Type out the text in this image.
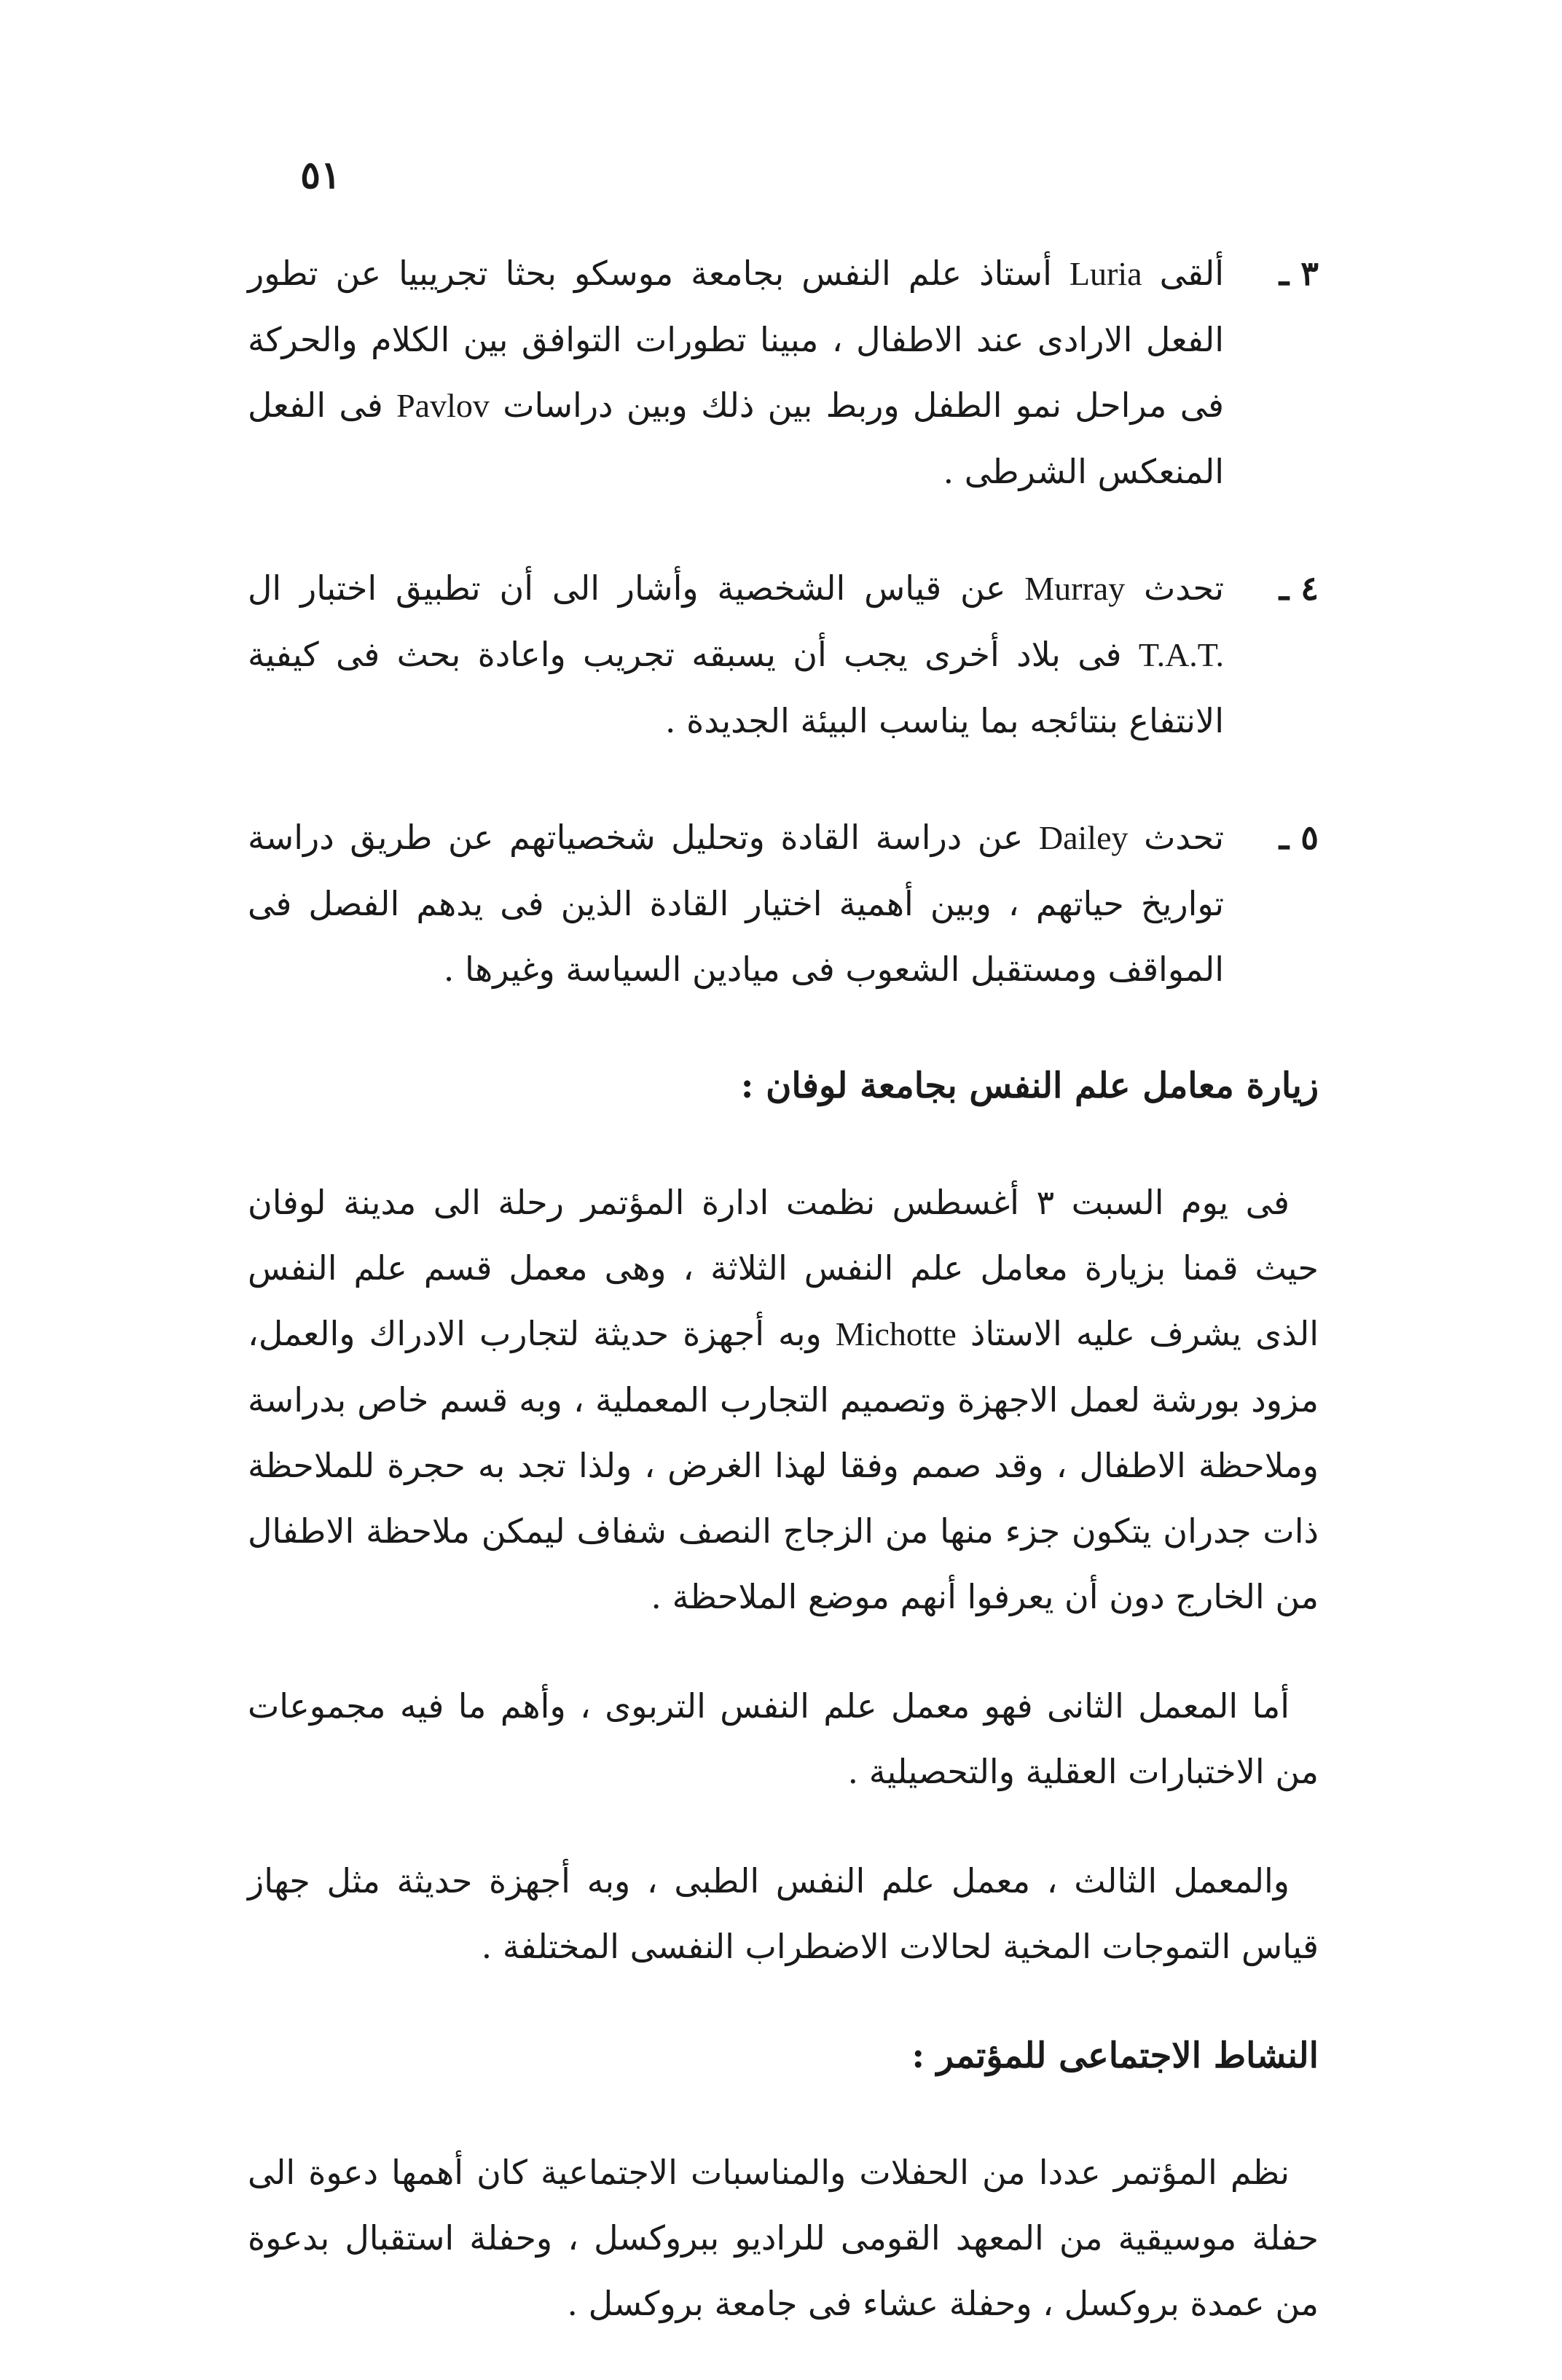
٥١
٣ ـ
ألقى Luria أستاذ علم النفس بجامعة موسكو بحثا تجريبيا عن تطور الفعل الارادى عند الاطفال ، مبينا تطورات التوافق بين الكلام والحركة فى مراحل نمو الطفل وربط بين ذلك وبين دراسات Pavlov فى الفعل المنعكس الشرطى .
٤ ـ
تحدث Murray عن قياس الشخصية وأشار الى أن تطبيق اختبار ال T.A.T. فى بلاد أخرى يجب أن يسبقه تجريب واعادة بحث فى كيفية الانتفاع بنتائجه بما يناسب البيئة الجديدة .
٥ ـ
تحدث Dailey عن دراسة القادة وتحليل شخصياتهم عن طريق دراسة تواريخ حياتهم ، وبين أهمية اختيار القادة الذين فى يدهم الفصل فى المواقف ومستقبل الشعوب فى ميادين السياسة وغيرها .
زيارة معامل علم النفس بجامعة لوفان :

فى يوم السبت ٣ أغسطس نظمت ادارة المؤتمر رحلة الى مدينة لوفان حيث قمنا بزيارة معامل علم النفس الثلاثة ، وهى معمل قسم علم النفس الذى يشرف عليه الاستاذ Michotte وبه أجهزة حديثة لتجارب الادراك والعمل، مزود بورشة لعمل الاجهزة وتصميم التجارب المعملية ، وبه قسم خاص بدراسة وملاحظة الاطفال ، وقد صمم وفقا لهذا الغرض ، ولذا تجد به حجرة للملاحظة ذات جدران يتكون جزء منها من الزجاج النصف شفاف ليمكن ملاحظة الاطفال من الخارج دون أن يعرفوا أنهم موضع الملاحظة .

أما المعمل الثانى فهو معمل علم النفس التربوى ، وأهم ما فيه مجموعات من الاختبارات العقلية والتحصيلية .

والمعمل الثالث ، معمل علم النفس الطبى ، وبه أجهزة حديثة مثل جهاز قياس التموجات المخية لحالات الاضطراب النفسى المختلفة .

النشاط الاجتماعى للمؤتمر :

نظم المؤتمر عددا من الحفلات والمناسبات الاجتماعية كان أهمها دعوة الى حفلة موسيقية من المعهد القومى للراديو ببروكسل ، وحفلة استقبال بدعوة من عمدة بروكسل ، وحفلة عشاء فى جامعة بروكسل .
